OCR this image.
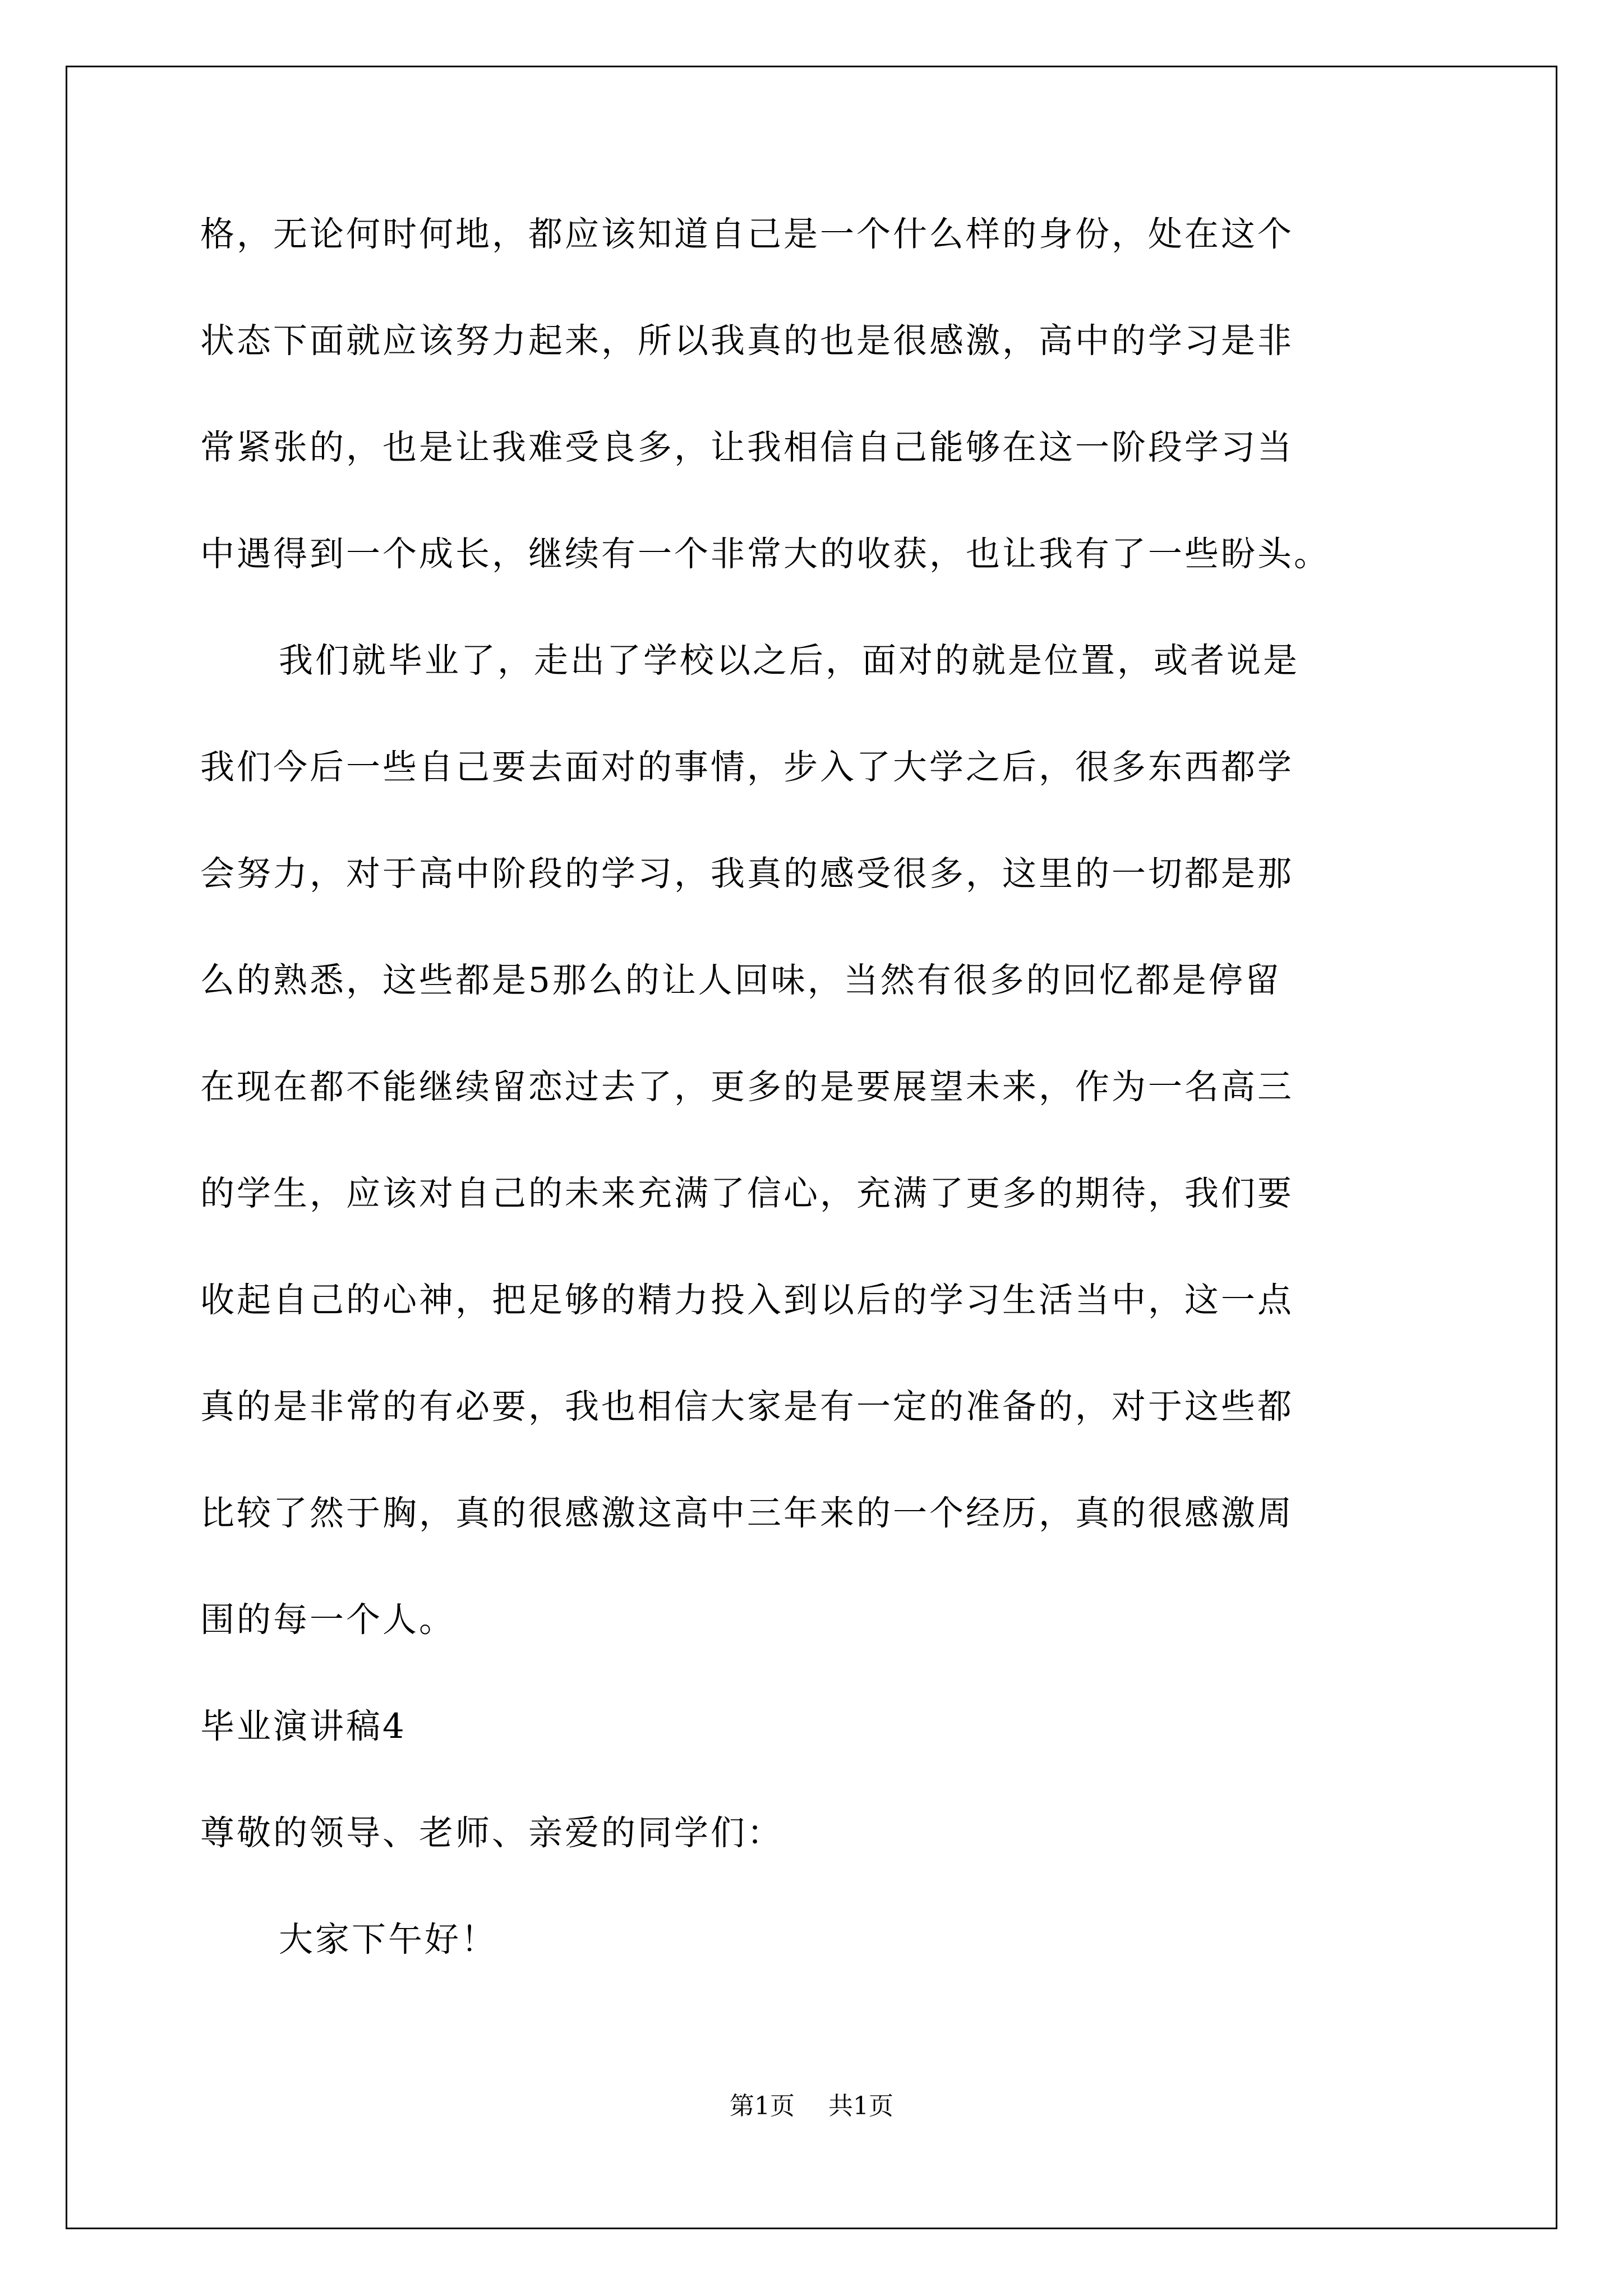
格，无论何时何地，都应该知道自己是一个什么样的身份，处在这个
状态下面就应该努力起来，所以我真的也是很感激，高中的学习是非
常紧张的，也是让我难受良多，让我相信自己能够在这一阶段学习当
中遇得到一个成长，继续有一个非常大的收获，也让我有了一些盼头。
我们就毕业了，走出了学校以之后，面对的就是位置，或者说是
我们今后一些自己要去面对的事情，步入了大学之后，很多东西都学
会努力，对于高中阶段的学习，我真的感受很多，这里的一切都是那
么的熟悉，这些都是5那么的让人回味，当然有很多的回忆都是停留
在现在都不能继续留恋过去了，更多的是要展望未来，作为一名高三
的学生，应该对自己的未来充满了信心，充满了更多的期待，我们要
收起自己的心神，把足够的精力投入到以后的学习生活当中，这一点
真的是非常的有必要，我也相信大家是有一定的准备的，对于这些都
比较了然于胸，真的很感激这高中三年来的一个经历，真的很感激周
围的每一个人。
毕业演讲稿4
尊敬的领导、老师、亲爱的同学们：
大家下午好！
第1页 共1页
